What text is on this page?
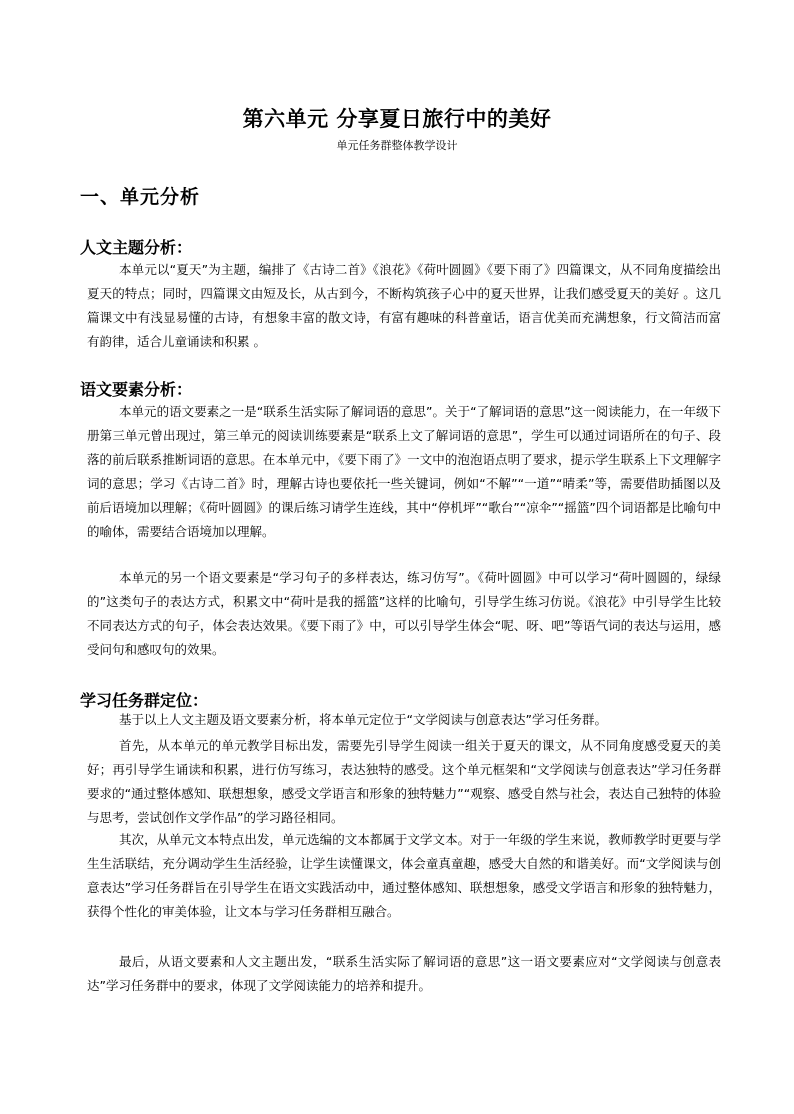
第六单元 分享夏日旅行中的美好
单元任务群整体教学设计
一、单元分析
人文主题分析：

本单元以“夏天”为主题，编排了《古诗二首》《浪花》《荷叶圆圆》《要下雨了》四篇课文，从不同角度描绘出夏天的特点；同时，四篇课文由短及长，从古到今，不断构筑孩子心中的夏天世界，让我们感受夏天的美好 。这几篇课文中有浅显易懂的古诗，有想象丰富的散文诗，有富有趣味的科普童话，语言优美而充满想象，行文简洁而富有韵律，适合儿童诵读和积累 。

语文要素分析：

本单元的语文要素之一是“联系生活实际了解词语的意思”。关于“了解词语的意思”这一阅读能力，在一年级下册第三单元曾出现过，第三单元的阅读训练要素是“联系上文了解词语的意思”，学生可以通过词语所在的句子、段落的前后联系推断词语的意思。在本单元中，《要下雨了》一文中的泡泡语点明了要求，提示学生联系上下文理解字词的意思；学习《古诗二首》时，理解古诗也要依托一些关键词，例如“不解”“一道”“晴柔”等，需要借助插图以及前后语境加以理解；《荷叶圆圆》的课后练习请学生连线，其中“停机坪”“歌台”“凉伞”“摇篮”四个词语都是比喻句中的喻体，需要结合语境加以理解。

本单元的另一个语文要素是“学习句子的多样表达，练习仿写”。《荷叶圆圆》中可以学习“荷叶圆圆的，绿绿的”这类句子的表达方式，积累文中“荷叶是我的摇篮”这样的比喻句，引导学生练习仿说。《浪花》中引导学生比较不同表达方式的句子，体会表达效果。《要下雨了》中，可以引导学生体会“呢、呀、吧”等语气词的表达与运用，感受问句和感叹句的效果。

学习任务群定位：

基于以上人文主题及语文要素分析，将本单元定位于“文学阅读与创意表达”学习任务群。

首先，从本单元的单元教学目标出发，需要先引导学生阅读一组关于夏天的课文，从不同角度感受夏天的美好；再引导学生诵读和积累，进行仿写练习，表达独特的感受。这个单元框架和“文学阅读与创意表达”学习任务群要求的“通过整体感知、联想想象，感受文学语言和形象的独特魅力”“观察、感受自然与社会，表达自己独特的体验与思考，尝试创作文学作品”的学习路径相同。

其次，从单元文本特点出发，单元选编的文本都属于文学文本。对于一年级的学生来说，教师教学时更要与学生生活联结，充分调动学生生活经验，让学生读懂课文，体会童真童趣，感受大自然的和谐美好。而“文学阅读与创意表达”学习任务群旨在引导学生在语文实践活动中，通过整体感知、联想想象，感受文学语言和形象的独特魅力，获得个性化的审美体验，让文本与学习任务群相互融合。

最后，从语文要素和人文主题出发，“联系生活实际了解词语的意思”这一语文要素应对“文学阅读与创意表达”学习任务群中的要求，体现了文学阅读能力的培养和提升。
